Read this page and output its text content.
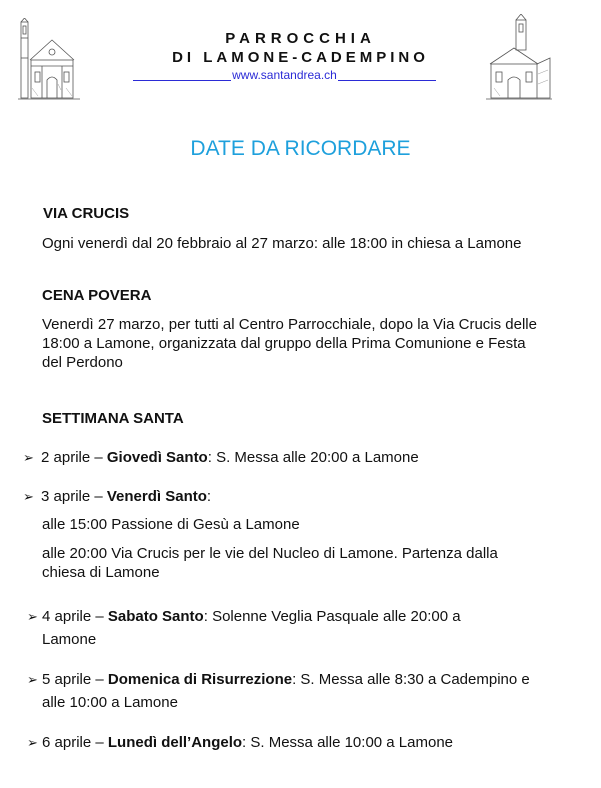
PARROCCHIA
DI LAMONE-CADEMPINO
www.santandrea.ch
DATE DA RICORDARE
VIA CRUCIS
Ogni venerdì dal 20 febbraio al 27 marzo: alle 18:00 in chiesa a Lamone
CENA POVERA
Venerdì 27 marzo, per tutti al Centro Parrocchiale, dopo la Via Crucis delle
18:00 a Lamone, organizzata dal gruppo della Prima Comunione e Festa
del Perdono
SETTIMANA SANTA
➢ 2 aprile – Giovedì Santo: S. Messa alle 20:00 a Lamone
➢ 3 aprile – Venerdì Santo:
alle 15:00 Passione di Gesù a Lamone
alle 20:00 Via Crucis per le vie del Nucleo di Lamone. Partenza dalla
chiesa di Lamone
➢ 4 aprile – Sabato Santo: Solenne Veglia Pasquale alle 20:00 a
Lamone
➢ 5 aprile – Domenica di Risurrezione: S. Messa alle 8:30 a Cadempino e
alle 10:00 a Lamone
➢ 6 aprile – Lunedì dell’Angelo: S. Messa alle 10:00 a Lamone
